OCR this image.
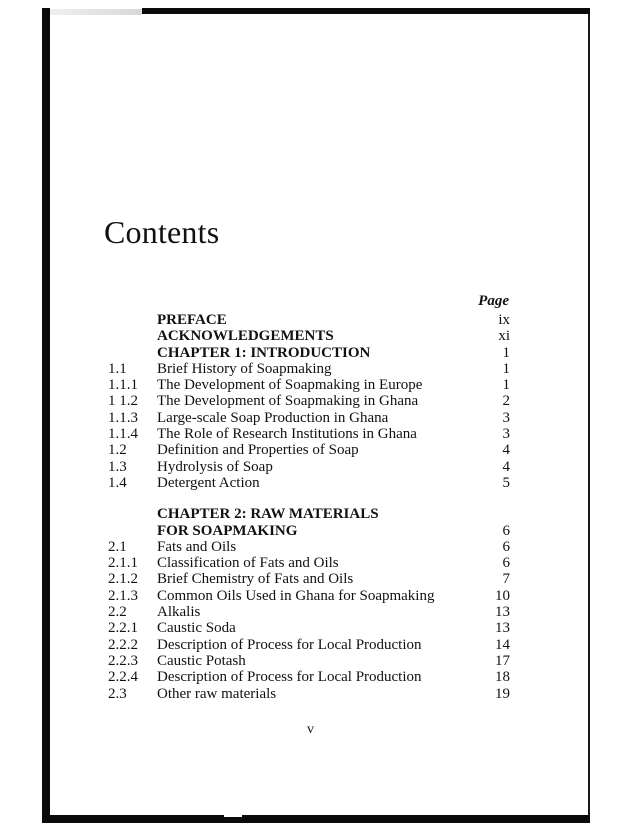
Contents
Page
PREFACE	ix
ACKNOWLEDGEMENTS	xi
CHAPTER 1: INTRODUCTION	1
1.1	Brief History of Soapmaking	1
1.1.1	The Development of Soapmaking in Europe	1
1 1.2	The Development of Soapmaking in Ghana	2
1.1.3	Large-scale Soap Production in Ghana	3
1.1.4	The Role of Research Institutions in Ghana	3
1.2	Definition and Properties of Soap	4
1.3	Hydrolysis of Soap	4
1.4	Detergent Action	5
CHAPTER 2: RAW MATERIALS
FOR SOAPMAKING	6
2.1	Fats and Oils	6
2.1.1	Classification of Fats and Oils	6
2.1.2	Brief Chemistry of Fats and Oils	7
2.1.3	Common Oils Used in Ghana for Soapmaking	10
2.2	Alkalis	13
2.2.1	Caustic Soda	13
2.2.2	Description of Process for Local Production	14
2.2.3	Caustic Potash	17
2.2.4	Description of Process for Local Production	18
2.3	Other raw materials	19
v
